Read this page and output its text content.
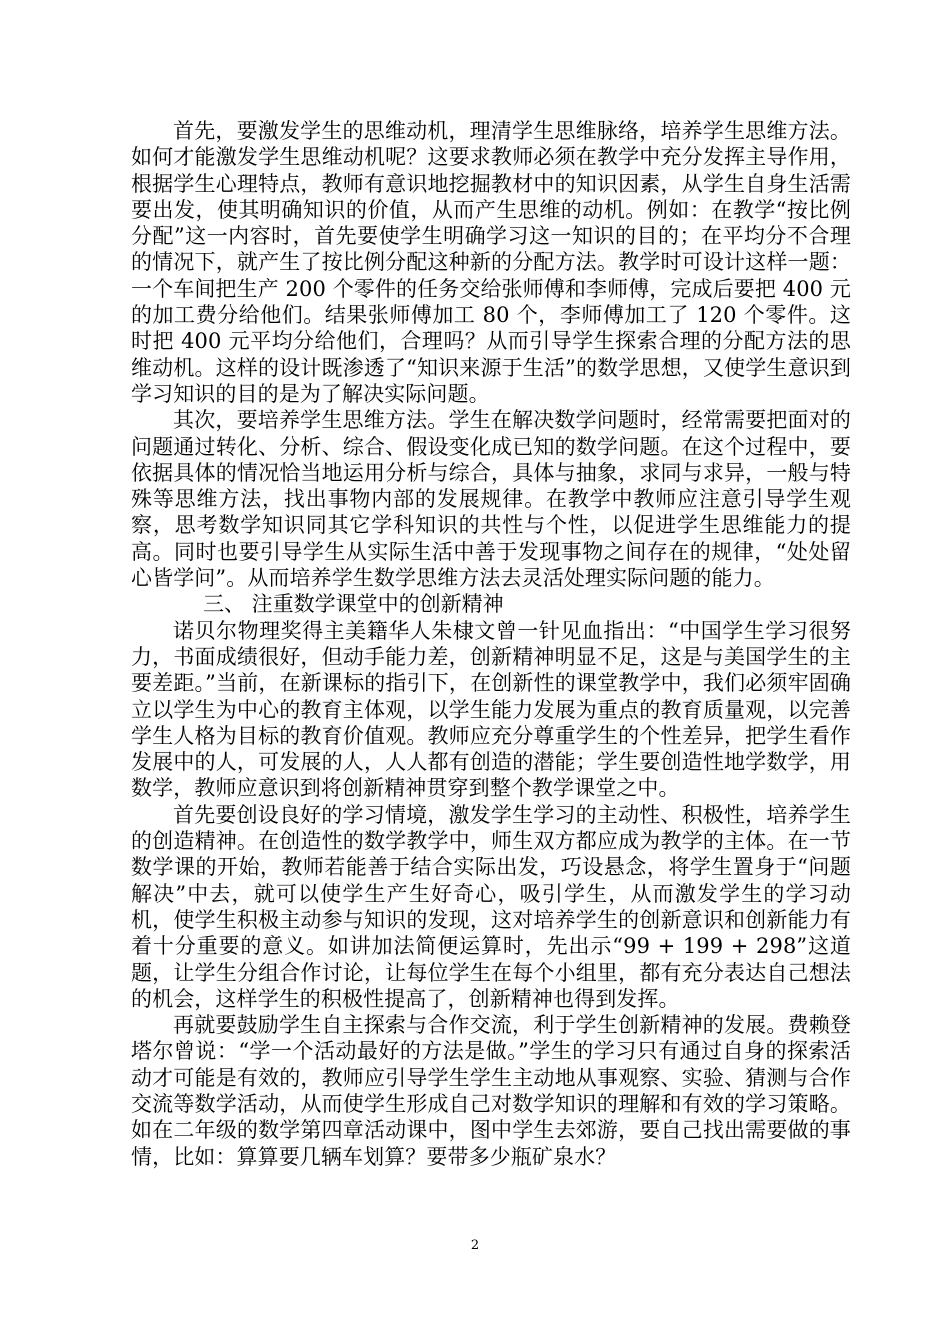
首先，要激发学生的思维动机，理清学生思维脉络，培养学生思维方法。如何才能激发学生思维动机呢？这要求教师必须在教学中充分发挥主导作用，根据学生心理特点，教师有意识地挖掘教材中的知识因素，从学生自身生活需要出发，使其明确知识的价值，从而产生思维的动机。例如：在教学“按比例分配”这一内容时，首先要使学生明确学习这一知识的目的；在平均分不合理的情况下，就产生了按比例分配这种新的分配方法。教学时可设计这样一题：一个车间把生产 200 个零件的任务交给张师傅和李师傅，完成后要把 400 元的加工费分给他们。结果张师傅加工 80 个，李师傅加工了 120 个零件。这时把 400 元平均分给他们，合理吗？从而引导学生探索合理的分配方法的思维动机。这样的设计既渗透了“知识来源于生活”的数学思想，又使学生意识到学习知识的目的是为了解决实际问题。

其次，要培养学生思维方法。学生在解决数学问题时，经常需要把面对的问题通过转化、分析、综合、假设变化成已知的数学问题。在这个过程中，要依据具体的情况恰当地运用分析与综合，具体与抽象，求同与求异，一般与特殊等思维方法，找出事物内部的发展规律。在教学中教师应注意引导学生观察，思考数学知识同其它学科知识的共性与个性，以促进学生思维能力的提高。同时也要引导学生从实际生活中善于发现事物之间存在的规律，“处处留心皆学问”。从而培养学生数学思维方法去灵活处理实际问题的能力。

三、 注重数学课堂中的创新精神

诺贝尔物理奖得主美籍华人朱棣文曾一针见血指出：“中国学生学习很努力，书面成绩很好，但动手能力差，创新精神明显不足，这是与美国学生的主要差距。”当前，在新课标的指引下，在创新性的课堂教学中，我们必须牢固确立以学生为中心的教育主体观，以学生能力发展为重点的教育质量观，以完善学生人格为目标的教育价值观。教师应充分尊重学生的个性差异，把学生看作发展中的人，可发展的人，人人都有创造的潜能；学生要创造性地学数学，用数学，教师应意识到将创新精神贯穿到整个教学课堂之中。

首先要创设良好的学习情境，激发学生学习的主动性、积极性，培养学生的创造精神。在创造性的数学教学中，师生双方都应成为教学的主体。在一节数学课的开始，教师若能善于结合实际出发，巧设悬念，将学生置身于“问题解决”中去，就可以使学生产生好奇心，吸引学生，从而激发学生的学习动机，使学生积极主动参与知识的发现，这对培养学生的创新意识和创新能力有着十分重要的意义。如讲加法简便运算时，先出示“99 + 199 + 298”这道题，让学生分组合作讨论，让每位学生在每个小组里，都有充分表达自己想法的机会，这样学生的积极性提高了，创新精神也得到发挥。

再就要鼓励学生自主探索与合作交流，利于学生创新精神的发展。费赖登塔尔曾说：“学一个活动最好的方法是做。”学生的学习只有通过自身的探索活动才可能是有效的，教师应引导学生学生主动地从事观察、实验、猜测与合作交流等数学活动，从而使学生形成自己对数学知识的理解和有效的学习策略。如在二年级的数学第四章活动课中，图中学生去郊游，要自己找出需要做的事情，比如：算算要几辆车划算？要带多少瓶矿泉水？

2
